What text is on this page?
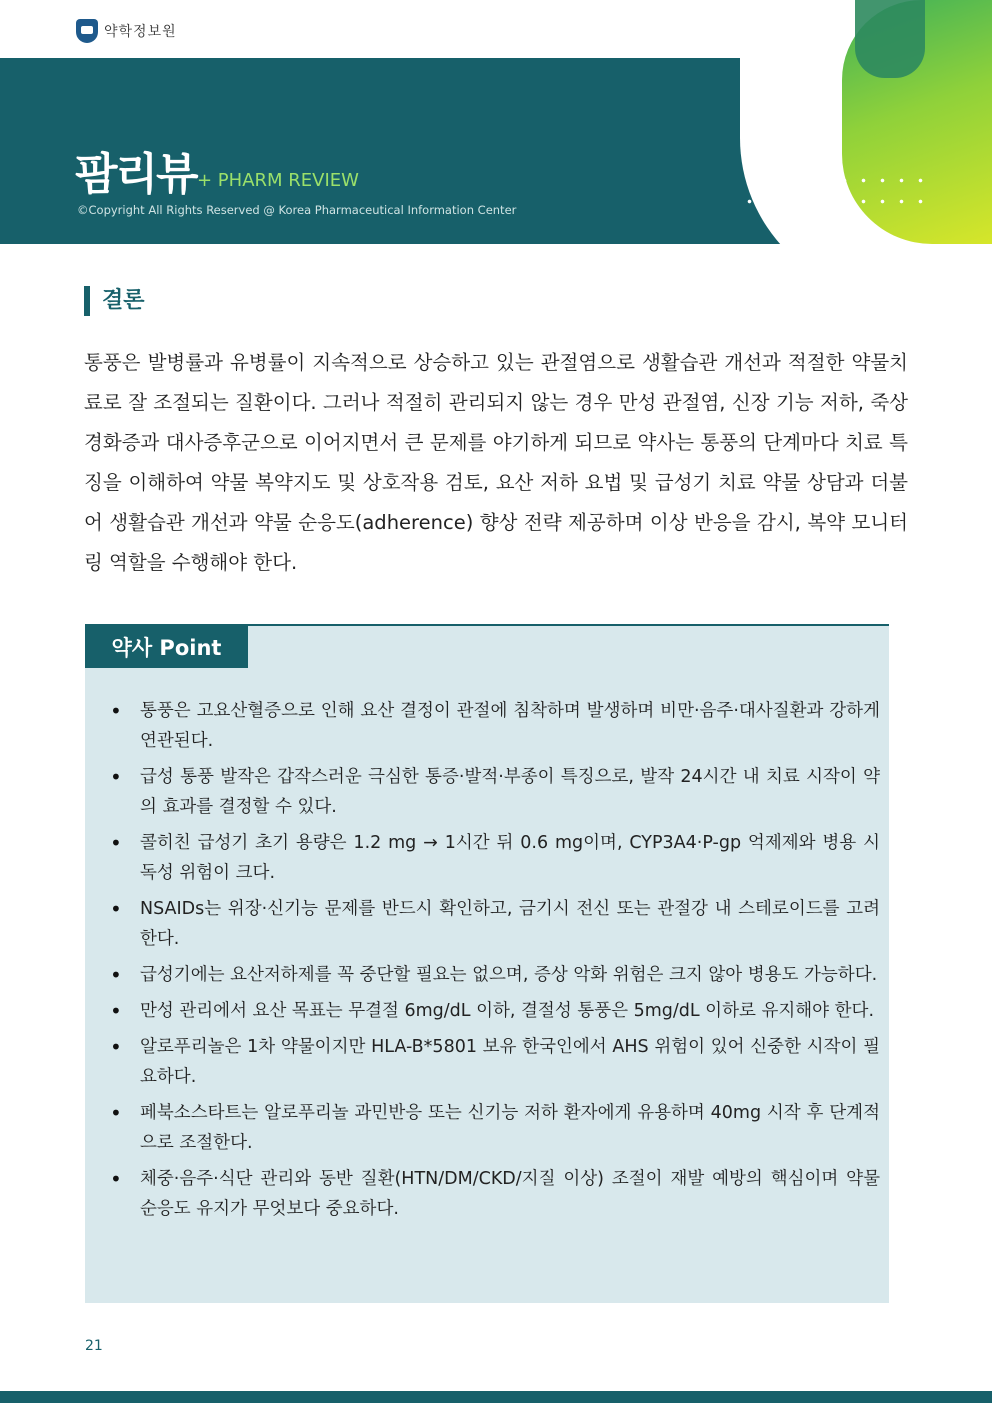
약학정보원
팜리뷰 + PHARM REVIEW
©Copyright All Rights Reserved @ Korea Pharmaceutical Information Center
결론
통풍은 발병률과 유병률이 지속적으로 상승하고 있는 관절염으로 생활습관 개선과 적절한 약물치료로 잘 조절되는 질환이다. 그러나 적절히 관리되지 않는 경우 만성 관절염, 신장 기능 저하, 죽상 경화증과 대사증후군으로 이어지면서 큰 문제를 야기하게 되므로 약사는 통풍의 단계마다 치료 특징을 이해하여 약물 복약지도 및 상호작용 검토, 요산 저하 요법 및 급성기 치료 약물 상담과 더불어 생활습관 개선과 약물 순응도(adherence) 향상 전략 제공하며 이상 반응을 감시, 복약 모니터링 역할을 수행해야 한다.
약사 Point
• 통풍은 고요산혈증으로 인해 요산 결정이 관절에 침착하며 발생하며 비만·음주·대사질환과 강하게 연관된다.
• 급성 통풍 발작은 갑작스러운 극심한 통증·발적·부종이 특징으로, 발작 24시간 내 치료 시작이 약의 효과를 결정할 수 있다.
• 콜히친 급성기 초기 용량은 1.2 mg → 1시간 뒤 0.6 mg이며, CYP3A4·P-gp 억제제와 병용 시 독성 위험이 크다.
• NSAIDs는 위장·신기능 문제를 반드시 확인하고, 금기시 전신 또는 관절강 내 스테로이드를 고려한다.
• 급성기에는 요산저하제를 꼭 중단할 필요는 없으며, 증상 악화 위험은 크지 않아 병용도 가능하다.
• 만성 관리에서 요산 목표는 무결절 6mg/dL 이하, 결절성 통풍은 5mg/dL 이하로 유지해야 한다.
• 알로푸리놀은 1차 약물이지만 HLA-B*5801 보유 한국인에서 AHS 위험이 있어 신중한 시작이 필요하다.
• 페북소스타트는 알로푸리놀 과민반응 또는 신기능 저하 환자에게 유용하며 40mg 시작 후 단계적으로 조절한다.
• 체중·음주·식단 관리와 동반 질환(HTN/DM/CKD/지질 이상) 조절이 재발 예방의 핵심이며 약물 순응도 유지가 무엇보다 중요하다.
21
